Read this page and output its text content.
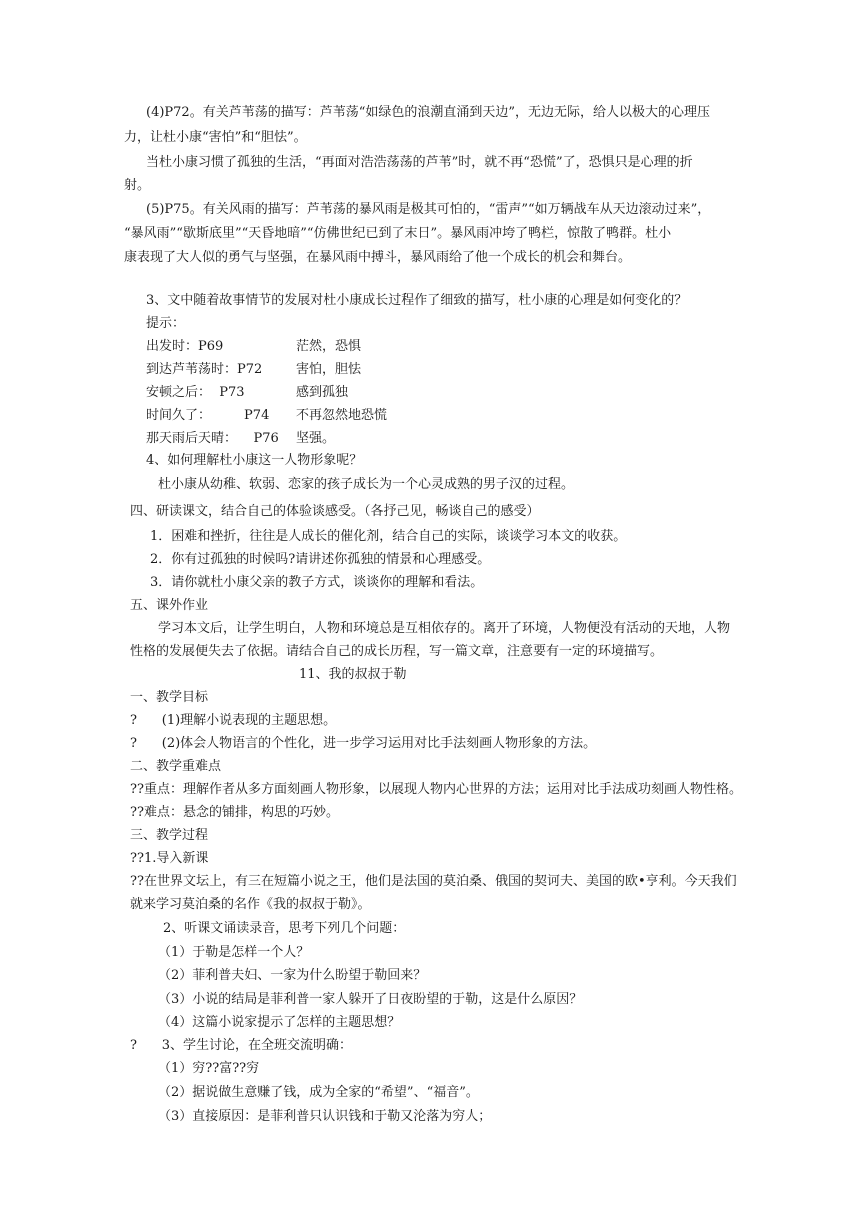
(4)P72。有关芦苇荡的描写：芦苇荡“如绿色的浪潮直涌到天边”，无边无际，给人以极大的心理压
力，让杜小康“害怕”和“胆怯”。
当杜小康习惯了孤独的生活，“再面对浩浩荡荡的芦苇”时，就不再“恐慌”了，恐惧只是心理的折
射。
(5)P75。有关风雨的描写：芦苇荡的暴风雨是极其可怕的，“雷声”“如万辆战车从天边滚动过来”，
“暴风雨”“歇斯底里”“天昏地暗”“仿佛世纪已到了末日”。暴风雨冲垮了鸭栏，惊散了鸭群。杜小
康表现了大人似的勇气与坚强，在暴风雨中搏斗，暴风雨给了他一个成长的机会和舞台。
3、文中随着故事情节的发展对杜小康成长过程作了细致的描写，杜小康的心理是如何变化的？
提示：
出发时：P69	茫然，恐惧
到达芦苇荡时：P72	害怕，胆怯
安顿之后：  P73	感到孤独
时间久了：        P74 不再忽然地恐慌
那天雨后天晴：    P76 坚强。
4、如何理解杜小康这一人物形象呢？
杜小康从幼稚、软弱、恋家的孩子成长为一个心灵成熟的男子汉的过程。
四、研读课文，结合自己的体验谈感受。（各抒己见，畅谈自己的感受）
1．困难和挫折，往往是人成长的催化剂，结合自己的实际，谈谈学习本文的收获。
2．你有过孤独的时候吗?请讲述你孤独的情景和心理感受。
3．请你就杜小康父亲的教子方式，谈谈你的理解和看法。
五、课外作业
学习本文后，让学生明白，人物和环境总是互相依存的。离开了环境，人物便没有活动的天地，人物
性格的发展便失去了依据。请结合自己的成长历程，写一篇文章，注意要有一定的环境描写。
11、我的叔叔于勒
一、教学目标
?      (1)理解小说表现的主题思想。
?      (2)体会人物语言的个性化，进一步学习运用对比手法刻画人物形象的方法。
二、教学重难点
??重点：理解作者从多方面刻画人物形象，以展现人物内心世界的方法；运用对比手法成功刻画人物性格。
??难点：悬念的铺排，构思的巧妙。
三、教学过程
??1.导入新课
??在世界文坛上，有三在短篇小说之王，他们是法国的莫泊桑、俄国的契诃夫、美国的欧•亨利。今天我们
就来学习莫泊桑的名作《我的叔叔于勒》。
2、听课文诵读录音，思考下列几个问题：
（1）于勒是怎样一个人？
（2）菲利普夫妇、一家为什么盼望于勒回来？
（3）小说的结局是菲利普一家人躲开了日夜盼望的于勒，这是什么原因？
（4）这篇小说家提示了怎样的主题思想？
?      3、学生讨论，在全班交流明确：
（1）穷??富??穷
（2）据说做生意赚了钱，成为全家的“希望”、“福音”。
（3）直接原因：是菲利普只认识钱和于勒又沦落为穷人；
